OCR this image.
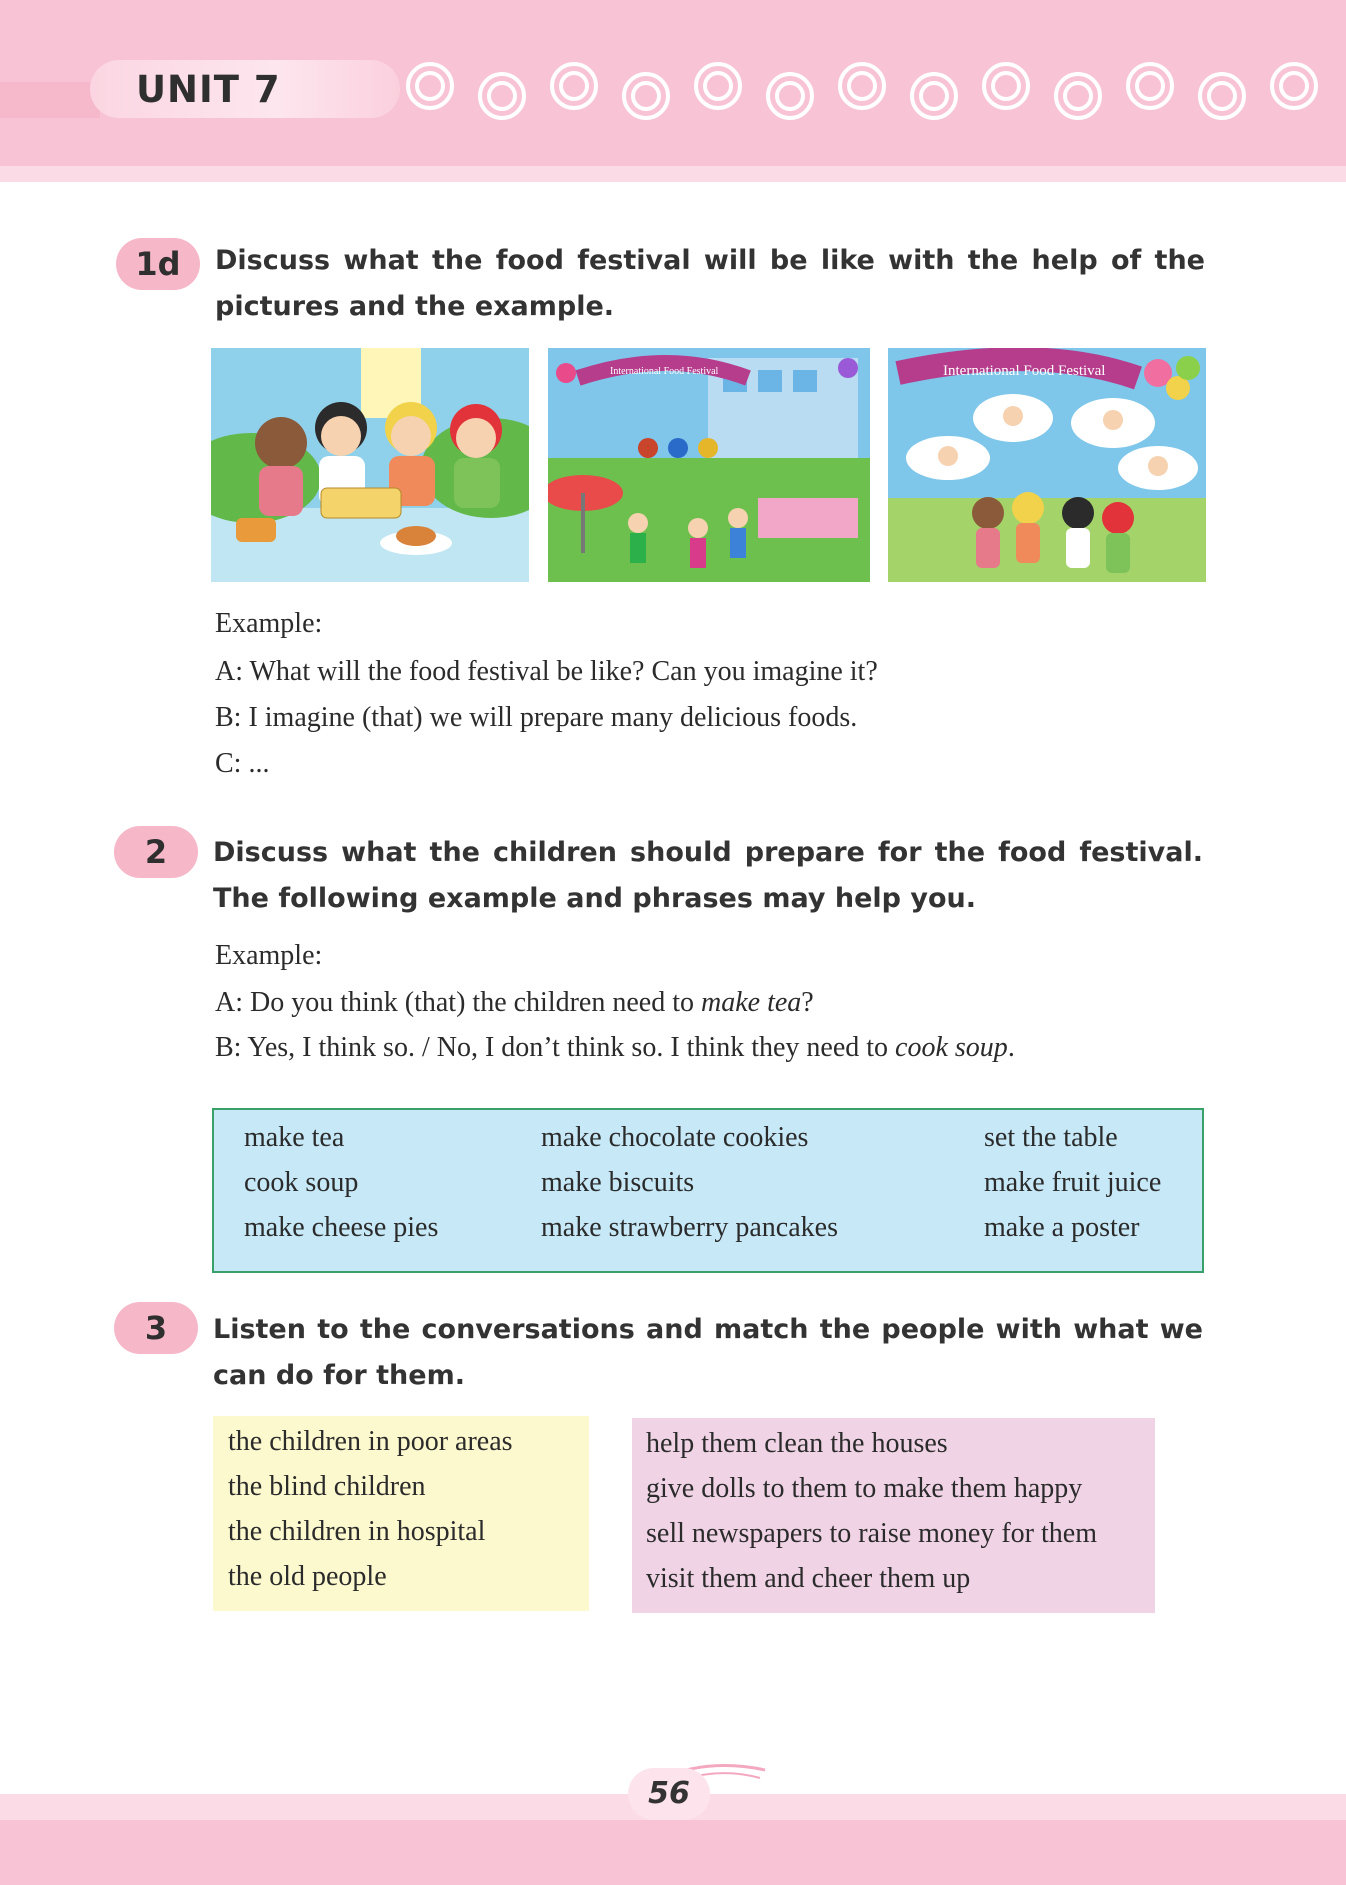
UNIT 7
1d	Discuss what the food festival will be like with the help of the pictures and the example.
International Food Festival	International Food Festival
Example:
A: What will the food festival be like? Can you imagine it?
B: I imagine (that) we will prepare many delicious foods.
C: ...
2	Discuss what the children should prepare for the food festival. The following example and phrases may help you.
Example:
A: Do you think (that) the children need to make tea?
B: Yes, I think so. / No, I don’t think so. I think they need to cook soup.
make tea	make chocolate cookies	set the table
cook soup	make biscuits	make fruit juice
make cheese pies	make strawberry pancakes	make a poster
3	Listen to the conversations and match the people with what we can do for them.
the children in poor areas
the blind children
the children in hospital
the old people
help them clean the houses
give dolls to them to make them happy
sell newspapers to raise money for them
visit them and cheer them up
56
